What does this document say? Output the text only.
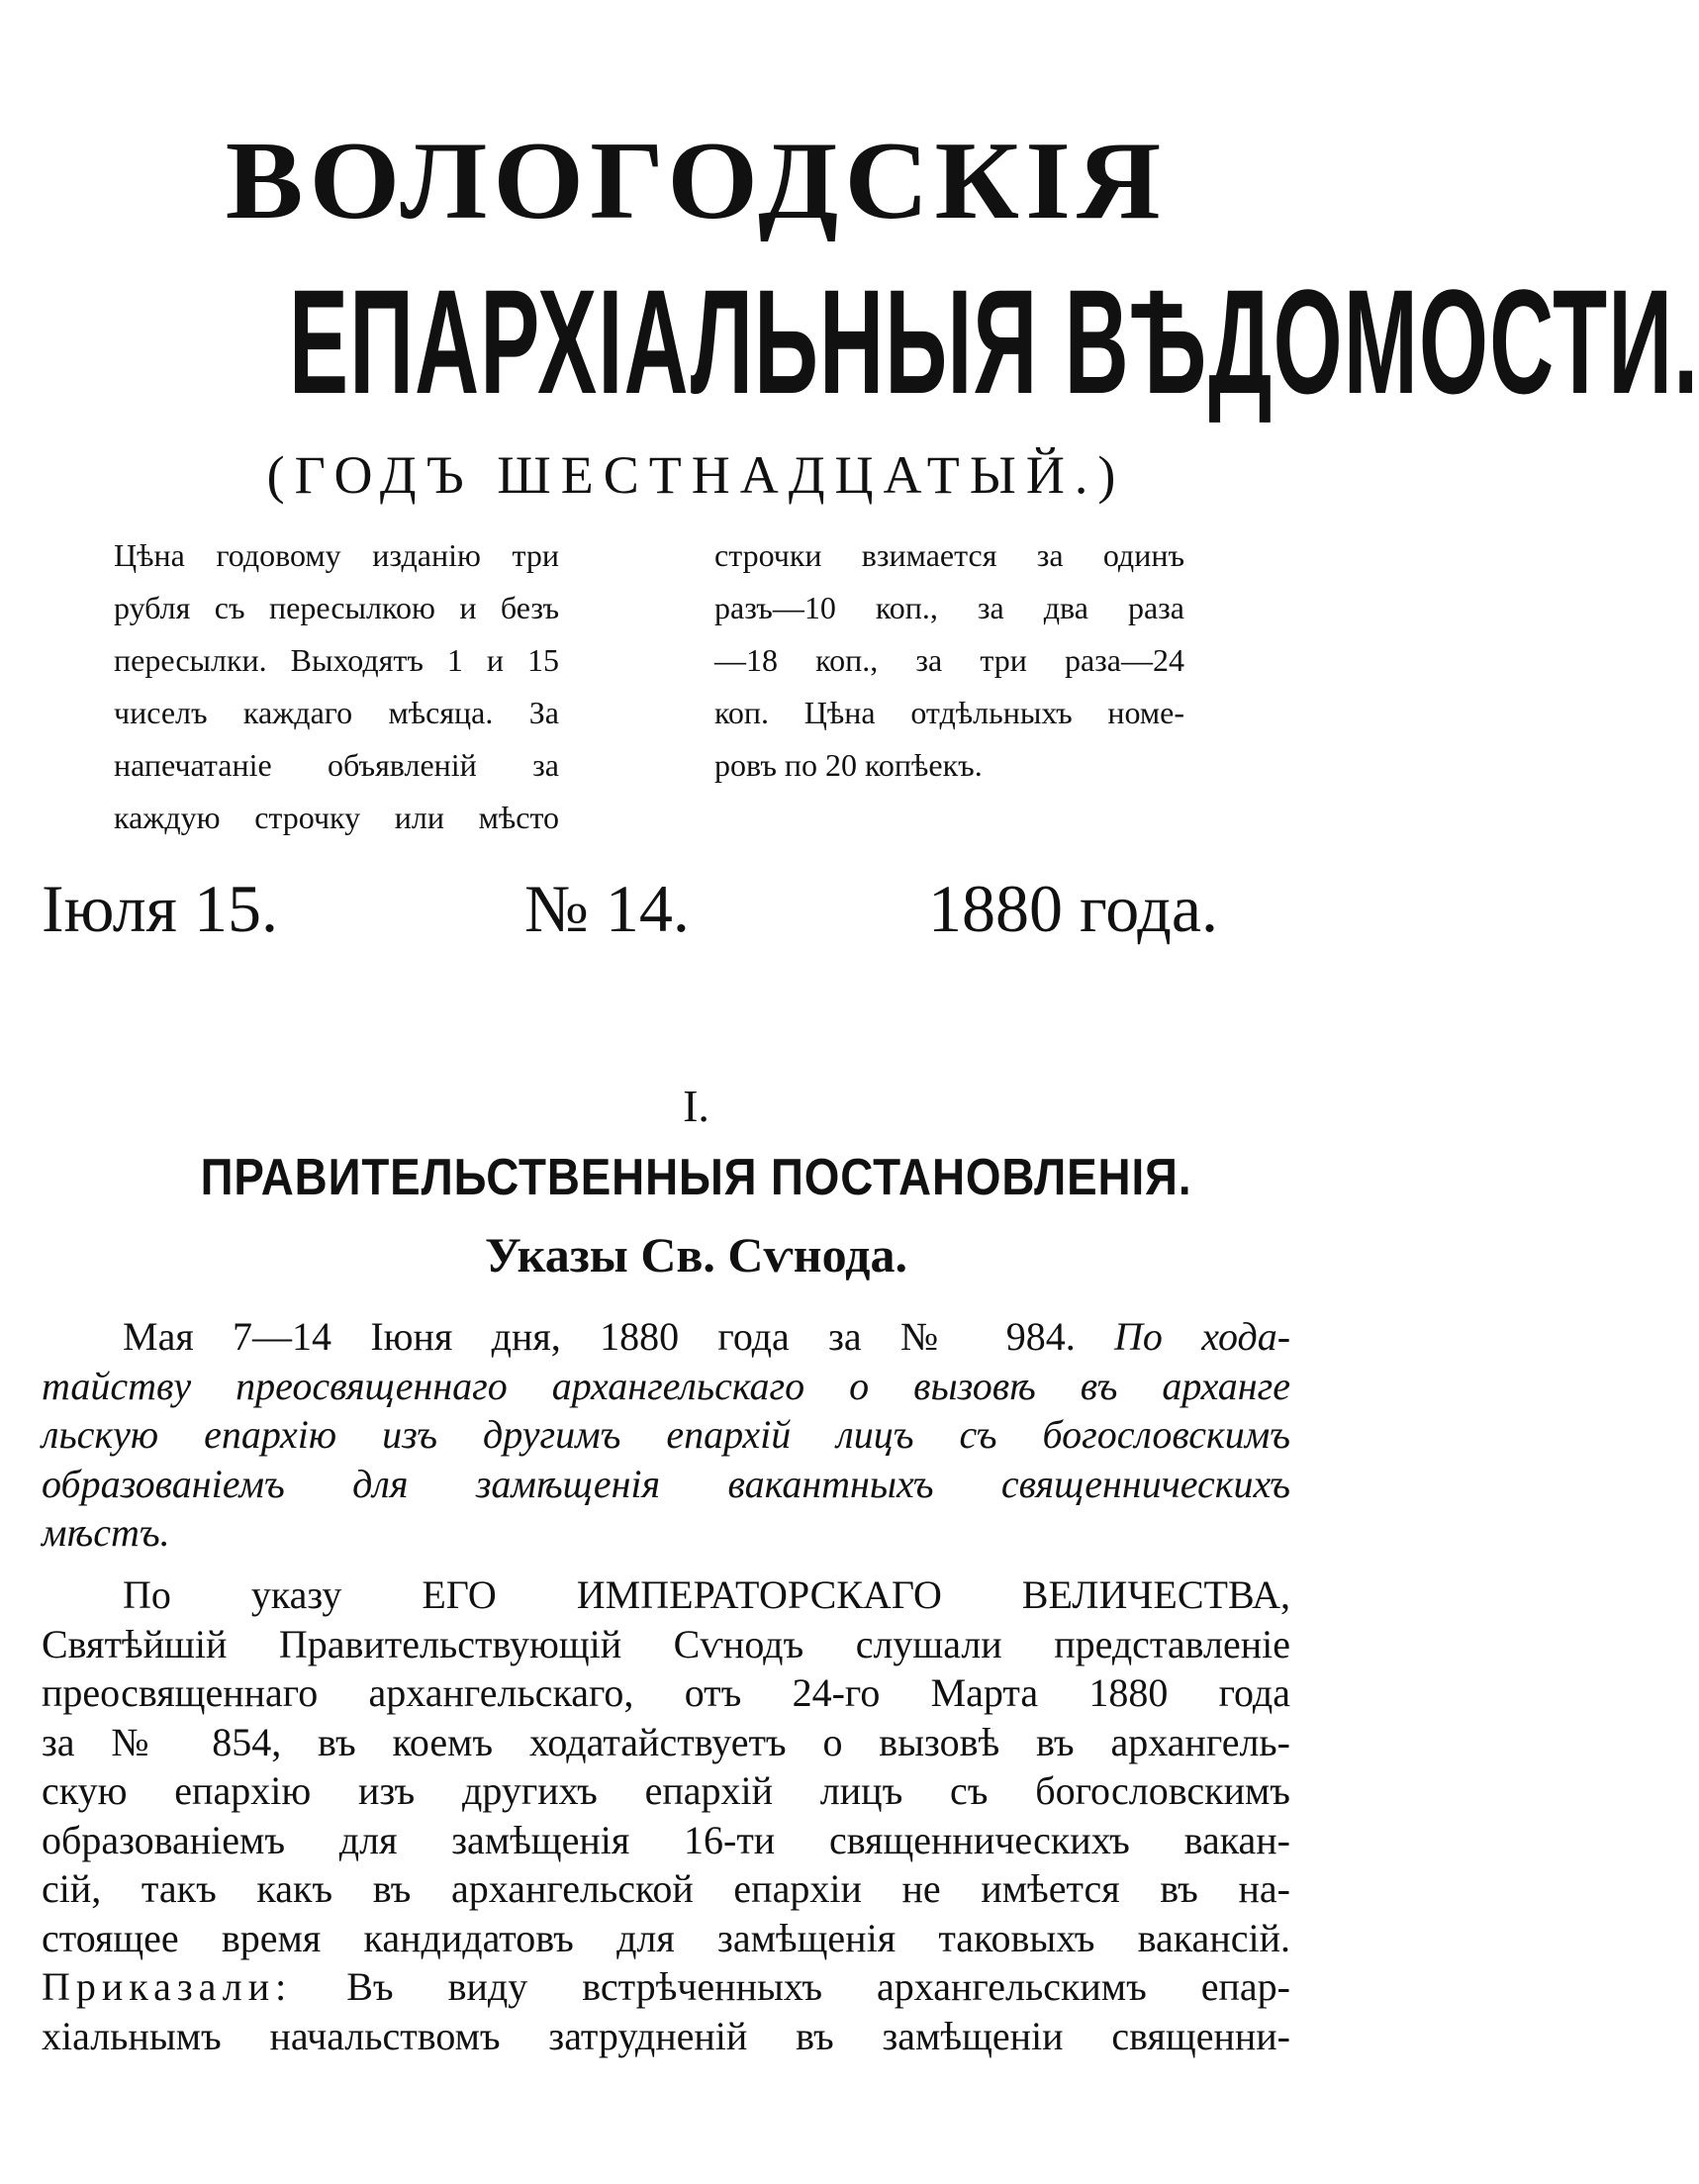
ВОЛОГОДСКІЯ
ЕПАРХІАЛЬНЫЯ ВѢДОМОСТИ.
(ГОДЪ ШЕСТНАДЦАТЫЙ.)
Цѣна годовому изданію три
рубля съ пересылкою и безъ
пересылки. Выходятъ 1 и 15
чиселъ каждаго мѣсяца. За
напечатаніе объявленій за
каждую строчку или мѣсто
строчки взимается за одинъ
разъ—10 коп., за два раза
—18 коп., за три раза—24
коп. Цѣна отдѣльныхъ номе-
ровъ по 20 копѣекъ.
Іюля 15.	№ 14.	1880 года.
I.
ПРАВИТЕЛЬСТВЕННЫЯ ПОСТАНОВЛЕНІЯ.
Указы Св. Сѵнода.
Мая 7—14 Іюня дня, 1880 года за № 984. По хода-
тайству преосвященнаго архангельскаго о вызовѣ въ архангe
льскую епархію изъ другимъ епархій лицъ съ богословскимъ
образованіемъ для замѣщенія вакантныхъ священническихъ
мѣстъ.
По указу ЕГО ИМПЕРАТОРСКАГО ВЕЛИЧЕСТВА,
Святѣйшій Правительствующій Сѵнодъ слушали представленіе
преосвященнаго архангельскаго, отъ 24-го Марта 1880 года
за № 854, въ коемъ ходатайствуетъ о вызовѣ въ архангель-
скую епархію изъ другихъ епархій лицъ съ богословскимъ
образованіемъ для замѣщенія 16-ти священническихъ вакан-
сій, такъ какъ въ архангельской епархіи не имѣется въ на-
стоящее время кандидатовъ для замѣщенія таковыхъ вакансій.
Приказали: Въ виду встрѣченныхъ архангельскимъ епар-
хіальнымъ начальствомъ затрудненій въ замѣщеніи священни-
